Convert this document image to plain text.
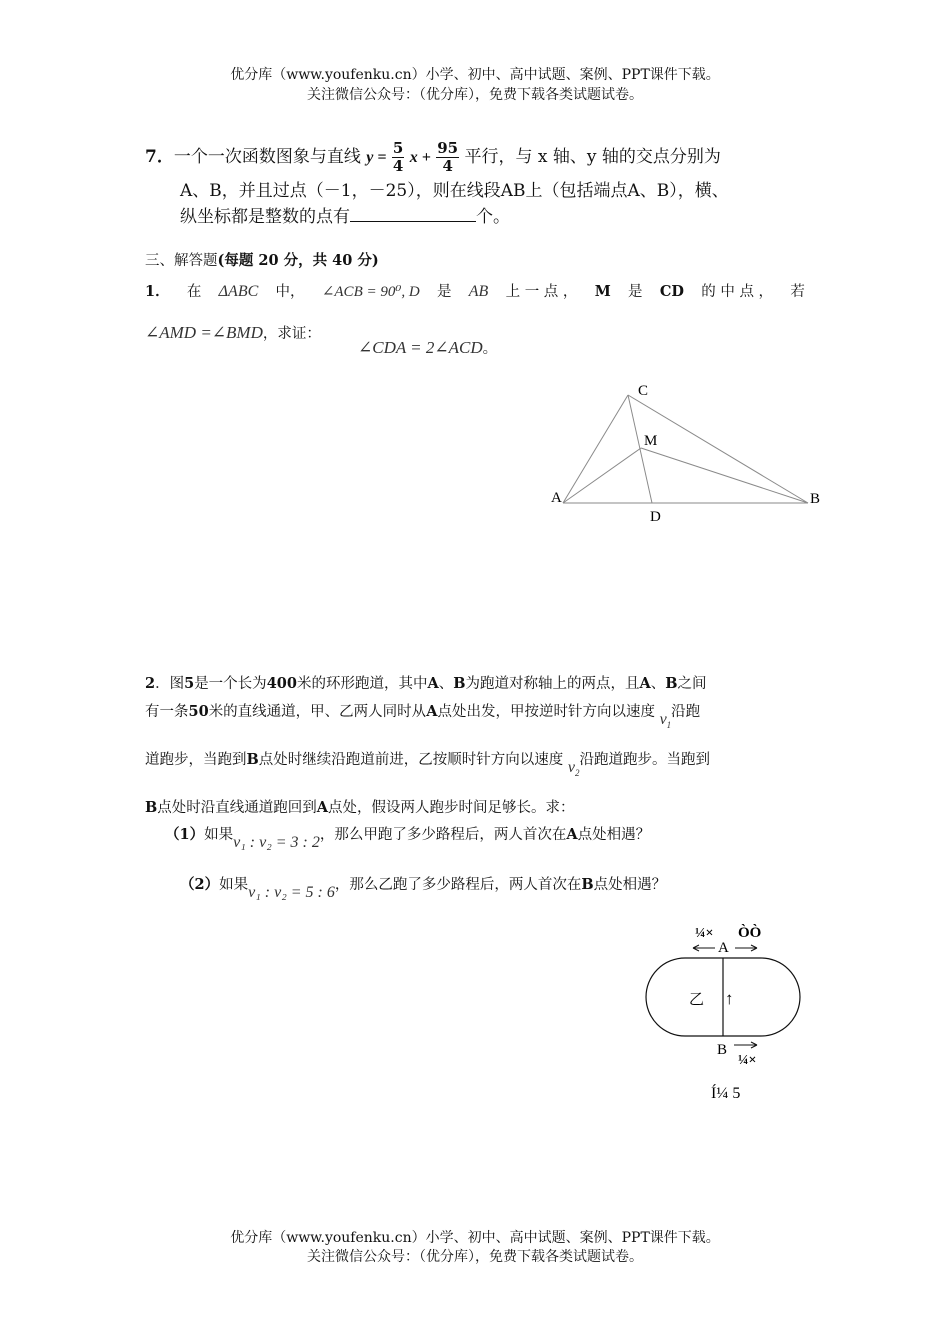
优分库（www.youfenku.cn）小学、初中、高中试题、案例、PPT课件下载。
关注微信公众号：（优分库），免费下载各类试题试卷。
7．一个一次函数图象与直线 $y = \frac{5}{4}$ $x + \frac{95}{4}$ 平行，与 x 轴、y 轴的交点分别为
A、B，并且过点（－1，－25），则在线段AB上（包括端点A、B），横、
纵坐标都是整数的点有	个。
三、解答题(每题 20 分，共 40 分)
1． 在 ΔABC 中， ∠ACB = 90⁰, D 是 AB 上 一 点 ， M 是 CD 的 中 点 ， 若
∠AMD =∠BMD，求证：
∠CDA = 2∠ACD。
C
M
A	B
D
2．图5是一个长为400米的环形跑道，其中A、B为跑道对称轴上的两点，且A、B之间
有一条50米的直线通道，甲、乙两人同时从A点处出发，甲按逆时针方向以速度 $v_1$沿跑
道跑步，当跑到B点处时继续沿跑道前进，乙按顺时针方向以速度 $v_2$沿跑道跑步。当跑到
B点处时沿直线通道跑回到A点处，假设两人跑步时间足够长。求：
（1）如果v₁ : v₂ = 3 : 2，那么甲跑了多少路程后，两人首次在A点处相遇？
（2）如果v₁ : v₂ = 5 : 6，那么乙跑了多少路程后，两人首次在B点处相遇？
¼× ÒÒ
A
乙 ↑
B
¼×
Í¼ 5
优分库（www.youfenku.cn）小学、初中、高中试题、案例、PPT课件下载。
关注微信公众号：（优分库），免费下载各类试题试卷。
